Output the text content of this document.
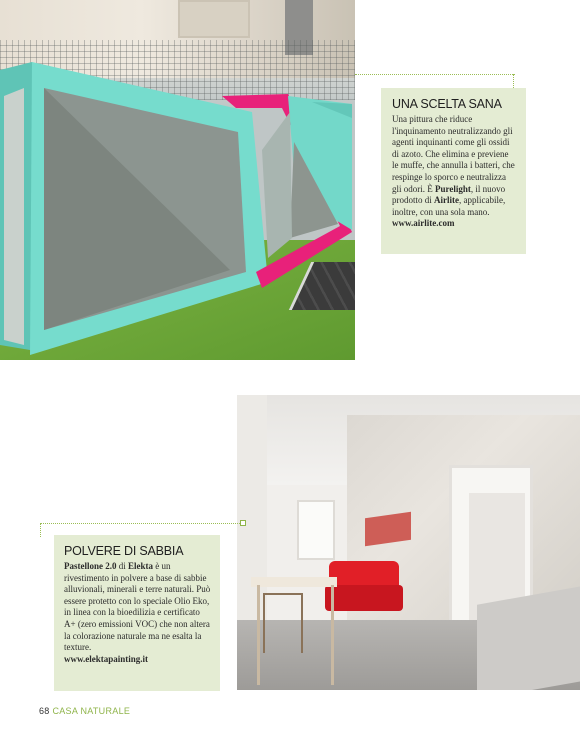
UNA SCELTA SANA

Una pittura che riduce l'inquinamento neutralizzando gli agenti inquinanti come gli ossidi di azoto. Che elimina e previene le muffe, che annulla i batteri, che respinge lo sporco e neutralizza gli odori. È Purelight, il nuovo prodotto di Airlite, applicabile, inoltre, con una sola mano.
www.airlite.com

POLVERE DI SABBIA

Pastellone 2.0 di Elekta è un rivestimento in polvere a base di sabbie alluvionali, minerali e terre naturali. Può essere protetto con lo speciale Olio Eko, in linea con la bioedilizia e certificato A+ (zero emissioni VOC) che non altera la colorazione naturale ma ne esalta la texture.
www.elektapainting.it

68 CASA NATURALE
